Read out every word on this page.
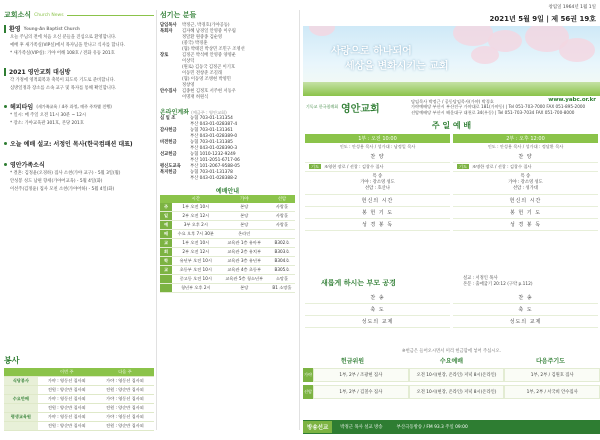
교회소식 Church News
환영 Young-An Baptist Church

오늘 주님의 전에 처음 오신 분들을 진심으로 환영합니다.

예배 후 새가족실(VIP실)에서 목자님을 만나고 식사를 합니다.

* 새가족실(VIP실): 가야 어해 108호 / 전화 유등 201호

2021 영안교회 대심방

각 가정에 영적회복과 축복이 되도록 기도로 준비합니다.

심방일정과 장소를 소속 교구 및 목자를 통해 확인합니다.

헤피타임 (새가족교육 / 4주 과정, 매주 주차별 진행)

* 일시: 매 주일 오전 11시 30분 ~ 12시

* 장소: 가야교육관 301호, 본당 201호

오늘 예배 설교: 서정인 목사(한국컴패션 대표)
영안가족소식

* 결혼: 김정윤(오경하) 집사 소천(가야 교구) - 5월 3일(월)

안성봉 성도 남편 향세(가야어교육) - 5월 4일(화)

이선주(김정윤) 집사 모친 소천(가야어하) - 5월 4일(화)

봉사
	이번 주	다음 주
식당봉사	가야 : 영동선 집사외	가야 : 영동선 집사외
	전원 : 양순만 집사외	전원 : 양순만 집사외
수요만배	가야 : 영동선 집사외	가야 : 영동선 집사외
	전원 : 양순만 집사외	전원 : 양순만 집사외
평생교육원	가야 : 영동선 집사외	가야 : 영동선 집사외
	전원 : 양순만 집사외	전원 : 양순만 집사외
섬기는 분들
담임목사	박정근, 박경호(가야공동)
목회자	김자혜 남경일 안영중 이우림
정달환 원중종 김순영
(중국) 박경훈
(협) 박태진 박상민 조민구 조영선
장로	김정곤 박석배 안영중 양영운
이상덕
(원로) 김동국 김정곤 이기호
이동민 전창준 조길래
(협) 이동영 조병현 박영민
정창영
안수집사	김종현 김정호 서주현 서동우
이명재 허원식
온라인계좌 (예금주 : 영안교회)
십 일 조	농협 703-01-131354
부산 043-01-028387-4
감사헌금	농협 703-01-131361
부산 043-01-028389-0
비전헌금	농협 703-01-131385
부산 043-01-028390-3
선교헌금	농협 1010-1232-9249
부산 101-2051-6717-06
평신도교육	부산 101-2067-9588-05
복지헌금	농협 703-01-131378
부산 043-01-028388-2
예배안내
	시간	가야	선암
주	1부 오전 10시	본당	사랑홀
일	2부 오전 12시	본당	사랑홀
예	3부 오후 2시	본당	사랑홀
배	수요 오후 7시 30분	온라인	
교	1부 오전 10시	교육관 1층 유아부	B302호
회	2부 오전 12시	교육관 2층 유치부	B303호
학	유년부 오전 10시	교육관 3층 유년부	B304호
교	초등부 오전 10시	교육관 4층 초등부	B305호
	중고등 오전 10시	교육관 5층 청소년부	소망홀
	청년부 오후 2시	본당	B1 소망홀
창립일 1964년 1월 1일
2021년 5월 9일 | 제 56권 19호
사랑으로 하나되어
세상을 변화시키는 교회
기독교 한국침례회 영안교회
담임목사 박정근 / 공동담임목사(가야) 박경호
가야예배당 부산시 부산진구 가야대로 181(가야동) | Tel 051-703-7000 FAX 051-895-2000
선암예배당 부산시 해운대구 대천로 34(우동) | Tel 051-703-7034 FAX 051-700-8000
www.yabc.or.kr
주 일 예 배
1부 : 오전 10:00
인도 : 안성용 목사 / 성가대 : 남정일 목사
찬 양
기도 조영현 장로 / 선창 : 김창수 집사
특 송
가야 : 강소영 성도
선암 : 호산나
헌신의 시간
봉 헌 기 도
성 경 봉 독
2부 : 오후 12:00
인도 : 안성용 목사 / 성가대 : 정달환 목사
찬 양
기도 조명한 장로 / 선창 : 김창수 집사
특 송
가야 : 강소영 성도
선암 : 성가대
헌신의 시간
봉 헌 기 도
성 경 봉 독
새롭게 하시는 부모 공경
설교 : 서정인 목사
본문 : 출애굽기 20:12 (구약 p.112)
찬 송
축 도
성도의 교제
찬 송
축 도
성도의 교제
※헌금은 들어오시면서 미리 헌금함에 넣어 주십시오.
헌금위원	수요예배	다음주기도
가야	1부, 2부 / 조광현 집사	오전 10시(현장, 온라인) 저녁 8시(온라인)	1부, 2부 / 김원호 집사
선암	1부, 2부 / 김칠수 집사	오전 10시(현장, 온라인) 저녁 8시(온라인)	1부, 2부 / 서국희 안수집사
방송선교	박정근 목사 설교 방송	부산극동방송 / FM 93.3 주일 09:00
